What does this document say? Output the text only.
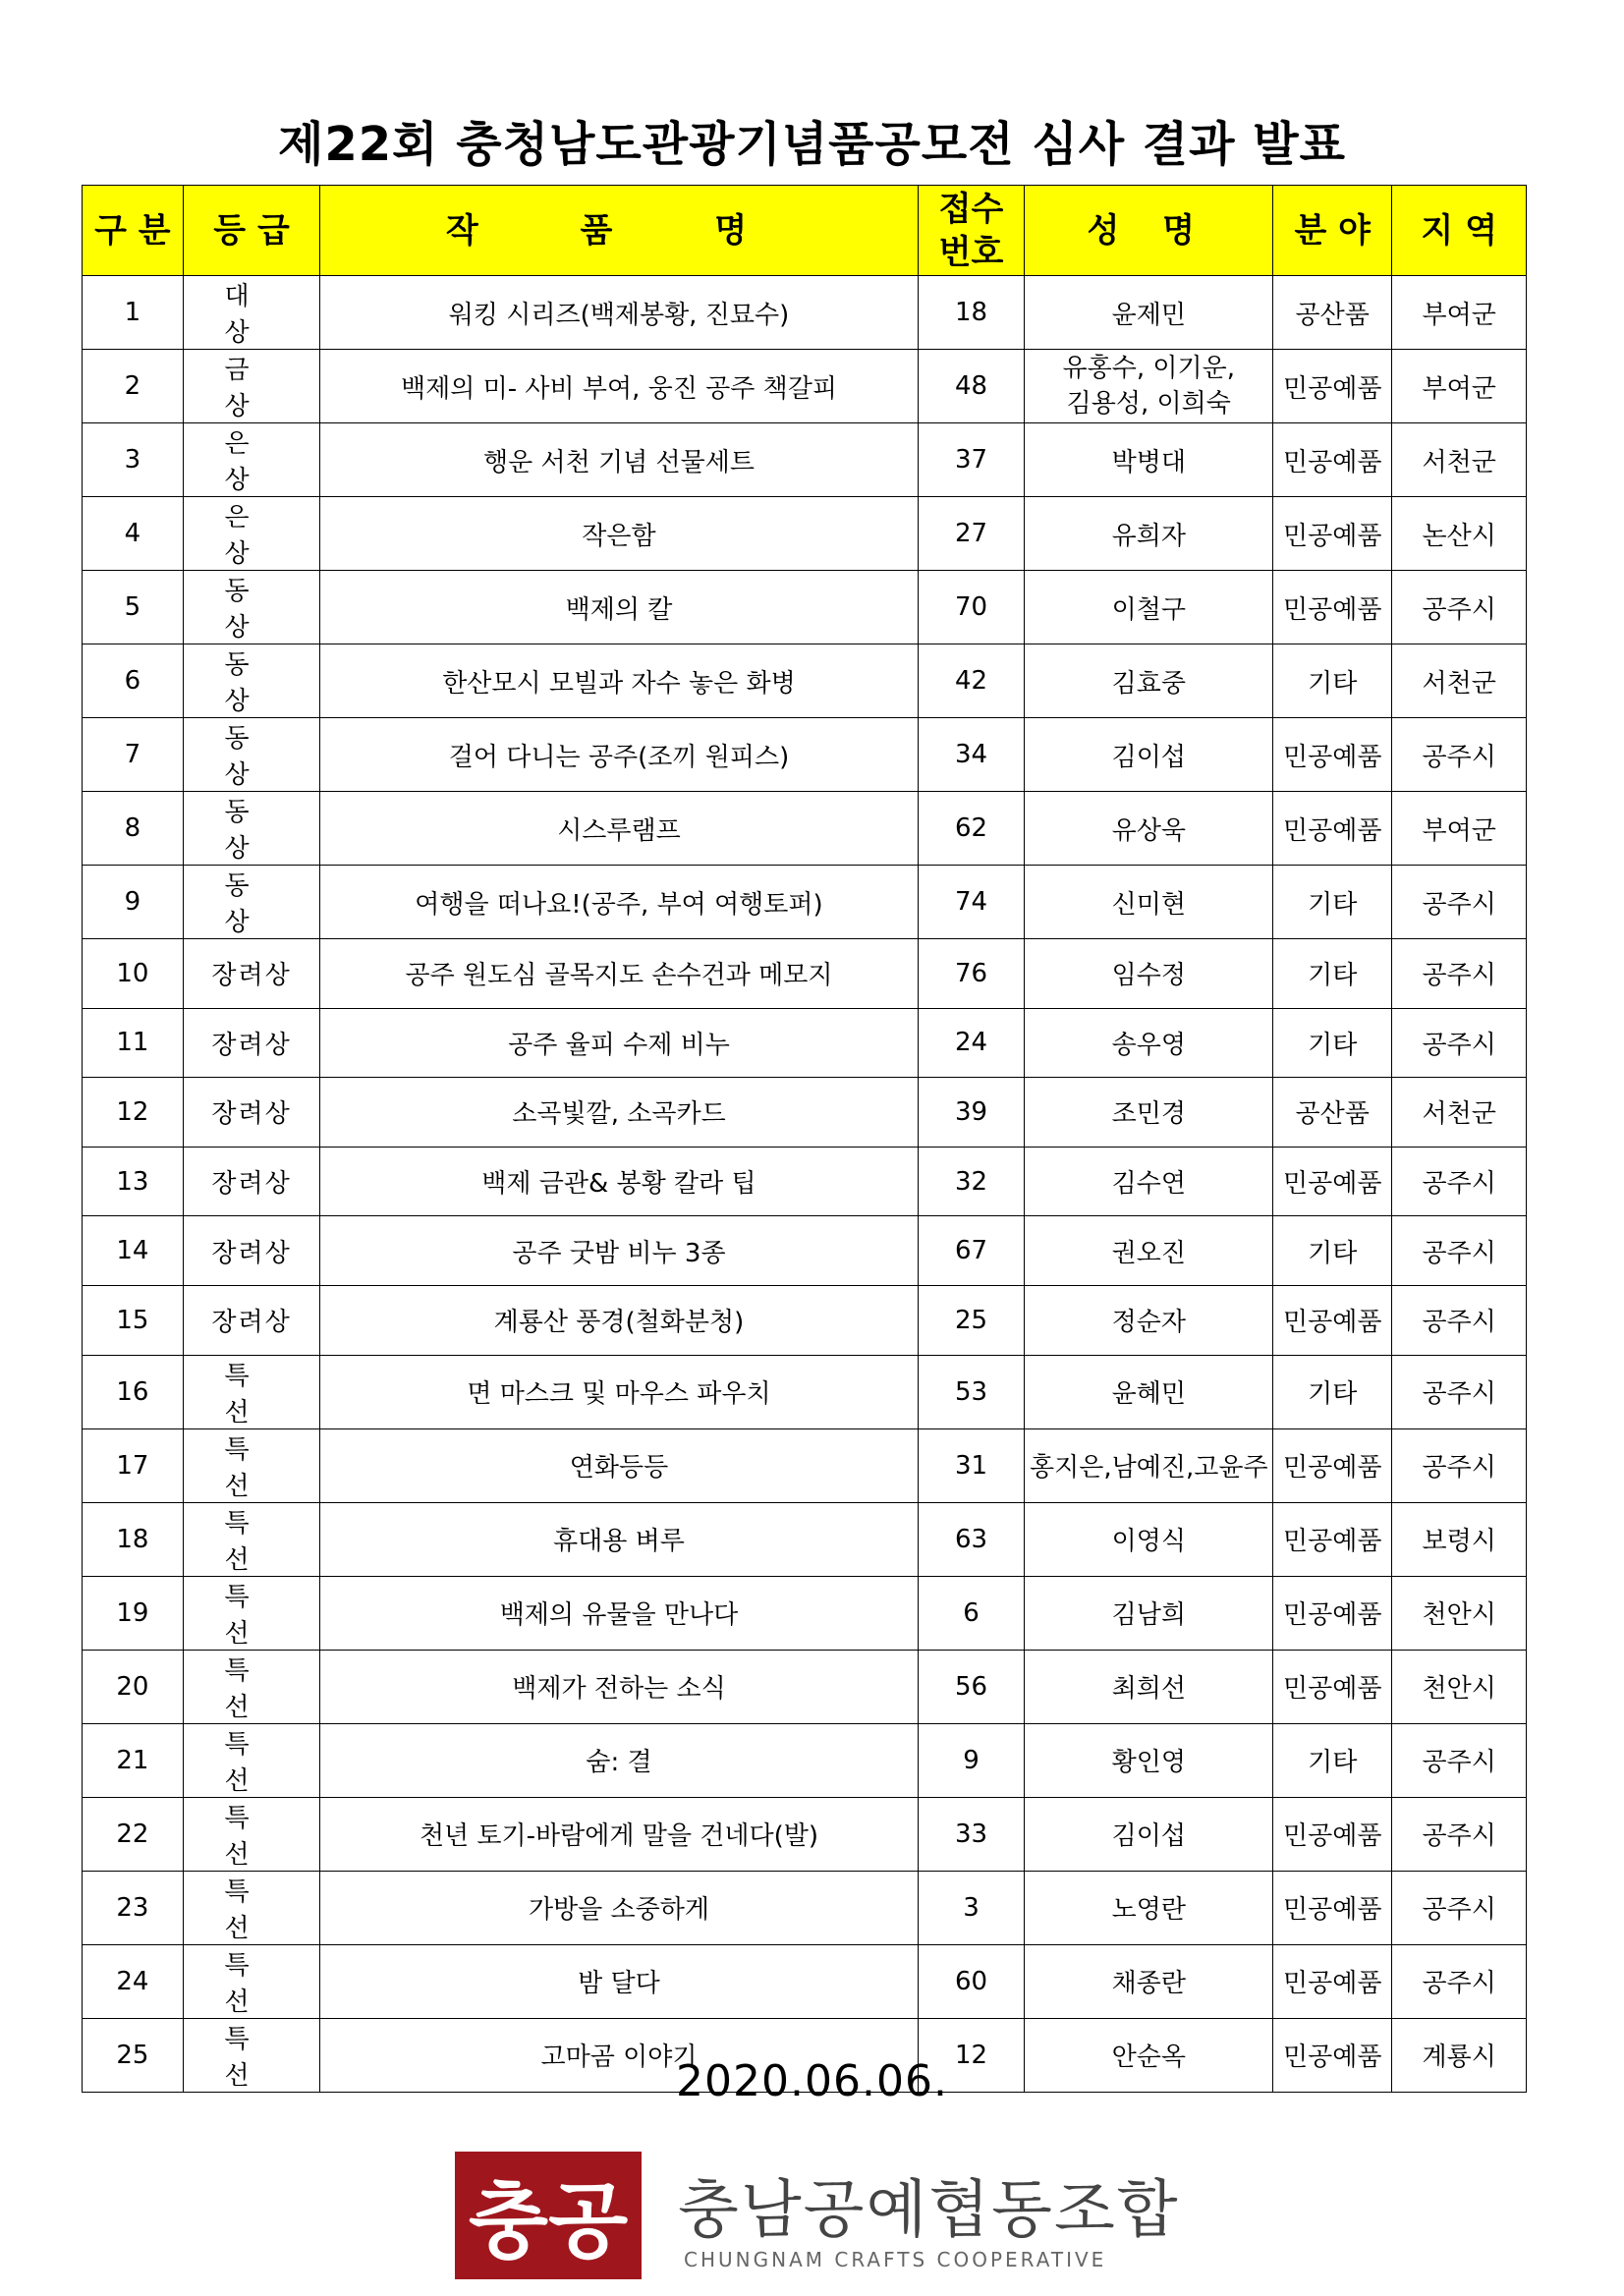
제22회 충청남도관광기념품공모전 심사 결과 발표
구 분	등 급	작 품 명	접수
번호	성 명	분 야	지 역
1	대 상	워킹 시리즈(백제봉황, 진묘수)	18	윤제민	공산품	부여군
2	금 상	백제의 미- 사비 부여, 웅진 공주 책갈피	48	유홍수, 이기운,
김용성, 이희숙	민공예품	부여군
3	은 상	행운 서천 기념 선물세트	37	박병대	민공예품	서천군
4	은 상	작은함	27	유희자	민공예품	논산시
5	동 상	백제의 칼	70	이철구	민공예품	공주시
6	동 상	한산모시 모빌과 자수 놓은 화병	42	김효중	기타	서천군
7	동 상	걸어 다니는 공주(조끼 원피스)	34	김이섭	민공예품	공주시
8	동 상	시스루램프	62	유상욱	민공예품	부여군
9	동 상	여행을 떠나요!(공주, 부여 여행토퍼)	74	신미현	기타	공주시
10	장려상	공주 원도심 골목지도 손수건과 메모지	76	임수정	기타	공주시
11	장려상	공주 율피 수제 비누	24	송우영	기타	공주시
12	장려상	소곡빛깔, 소곡카드	39	조민경	공산품	서천군
13	장려상	백제 금관& 봉황 칼라 팁	32	김수연	민공예품	공주시
14	장려상	공주 굿밤 비누 3종	67	권오진	기타	공주시
15	장려상	계룡산 풍경(철화분청)	25	정순자	민공예품	공주시
16	특 선	면 마스크 및 마우스 파우치	53	윤혜민	기타	공주시
17	특 선	연화등등	31	홍지은,남예진,고윤주	민공예품	공주시
18	특 선	휴대용 벼루	63	이영식	민공예품	보령시
19	특 선	백제의 유물을 만나다	6	김남희	민공예품	천안시
20	특 선	백제가 전하는 소식	56	최희선	민공예품	천안시
21	특 선	숨: 결	9	황인영	기타	공주시
22	특 선	천년 토기-바람에게 말을 건네다(발)	33	김이섭	민공예품	공주시
23	특 선	가방을 소중하게	3	노영란	민공예품	공주시
24	특 선	밤 달다	60	채종란	민공예품	공주시
25	특 선	고마곰 이야기	12	안순옥	민공예품	계룡시
2020.06.06.
충공 충남공예협동조합
CHUNGNAM CRAFTS COOPERATIVE
